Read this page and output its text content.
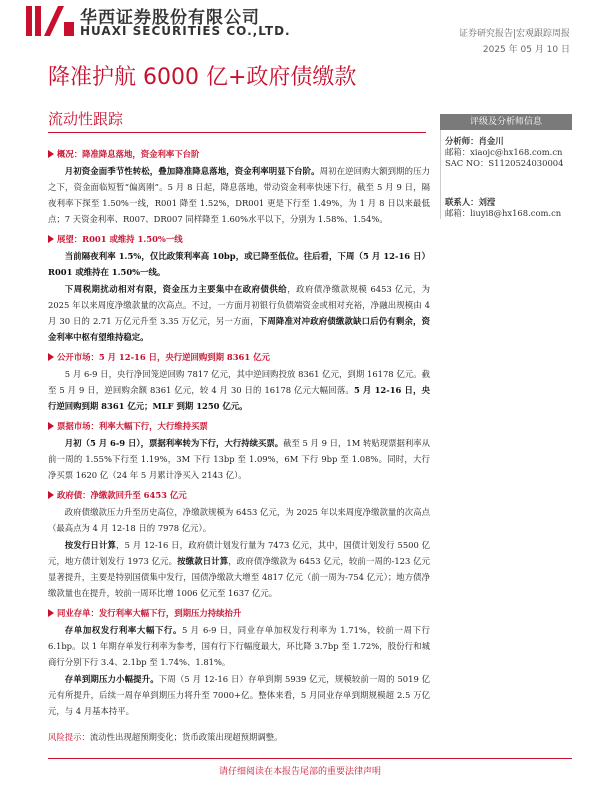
华西证券股份有限公司
HUAXI SECURITIES CO.,LTD.	证券研究报告|宏观跟踪周报
2025 年 05 月 10 日
降准护航 6000 亿+政府债缴款
流动性跟踪
概况：降准降息落地，资金利率下台阶

月初资金面季节性转松，叠加降准降息落地，资金利率明显下台阶。周初在逆回购大额到期的压力之下，资金面临短暂“偏离刚”。5 月 8 日起，降息落地，带动资金利率快速下行，截至 5 月 9 日，隔夜利率下探至 1.50%一线，R001 降至 1.52%，DR001 更是下行至 1.49%，为 1 月 8 日以来最低点；7 天资金利率、R007、DR007 同样降至 1.60%水平以下，分别为 1.58%、1.54%。

展望：R001 或维持 1.50%一线

当前隔夜利率 1.5%，仅比政策利率高 10bp，或已降至低位。往后看，下周（5 月 12-16 日）R001 或维持在 1.50%一线。

下周税期扰动相对有限，资金压力主要集中在政府债供给，政府债净缴款规模 6453 亿元，为 2025 年以来周度净缴款量的次高点。不过，一方面月初银行负债端资金或相对充裕，净融出规模由 4 月 30 日的 2.71 万亿元升至 3.35 万亿元，另一方面，下周降准对冲政府债缴款缺口后仍有剩余，资金利率中枢有望维持稳定。

公开市场：5 月 12-16 日，央行逆回购到期 8361 亿元

5 月 6-9 日，央行净回笼逆回购 7817 亿元，其中逆回购投放 8361 亿元，到期 16178 亿元。截至 5 月 9 日，逆回购余额 8361 亿元，较 4 月 30 日的 16178 亿元大幅回落。5 月 12-16 日，央行逆回购到期 8361 亿元；MLF 到期 1250 亿元。

票据市场：利率大幅下行，大行维持买票

月初（5 月 6-9 日），票据利率转为下行，大行持续买票。截至 5 月 9 日，1M 转贴现票据利率从前一周的 1.55%下行至 1.19%，3M 下行 13bp 至 1.09%，6M 下行 9bp 至 1.08%。同时，大行净买票 1620 亿（24 年 5 月累计净买入 2143 亿）。

政府债：净缴款回升至 6453 亿元

政府债缴款压力升至历史高位，净缴款规模为 6453 亿元，为 2025 年以来周度净缴款量的次高点（最高点为 4 月 12-18 日的 7978 亿元）。

按发行日计算，5 月 12-16 日，政府债计划发行量为 7473 亿元，其中，国债计划发行 5500 亿元，地方债计划发行 1973 亿元。按缴款日计算，政府债净缴款为 6453 亿元，较前一周的-123 亿元显著提升，主要是特别国债集中发行，国债净缴款大增至 4817 亿元（前一周为-754 亿元）；地方债净缴款量也在提升，较前一周环比增 1006 亿元至 1637 亿元。

同业存单：发行利率大幅下行，到期压力持续抬升

存单加权发行利率大幅下行。5 月 6-9 日，同业存单加权发行利率为 1.71%，较前一周下行 6.1bp。以 1 年期存单发行利率为参考，国有行下行幅度最大，环比降 3.7bp 至 1.72%，股份行和城商行分别下行 3.4、2.1bp 至 1.74%、1.81%。

存单到期压力小幅提升。下周（5 月 12-16 日）存单到期 5939 亿元，规模较前一周的 5019 亿元有所提升，后续一周存单到期压力将升至 7000+亿。整体来看，5 月同业存单到期规模超 2.5 万亿元，与 4 月基本持平。

风险提示：流动性出现超预期变化；货币政策出现超预期调整。
评级及分析师信息
分析师：肖金川
邮箱：xiaojc@hx168.com.cn
SAC NO：S1120524030004
联系人：刘滢
邮箱：liuyi8@hx168.com.cn
请仔细阅读在本报告尾部的重要法律声明
